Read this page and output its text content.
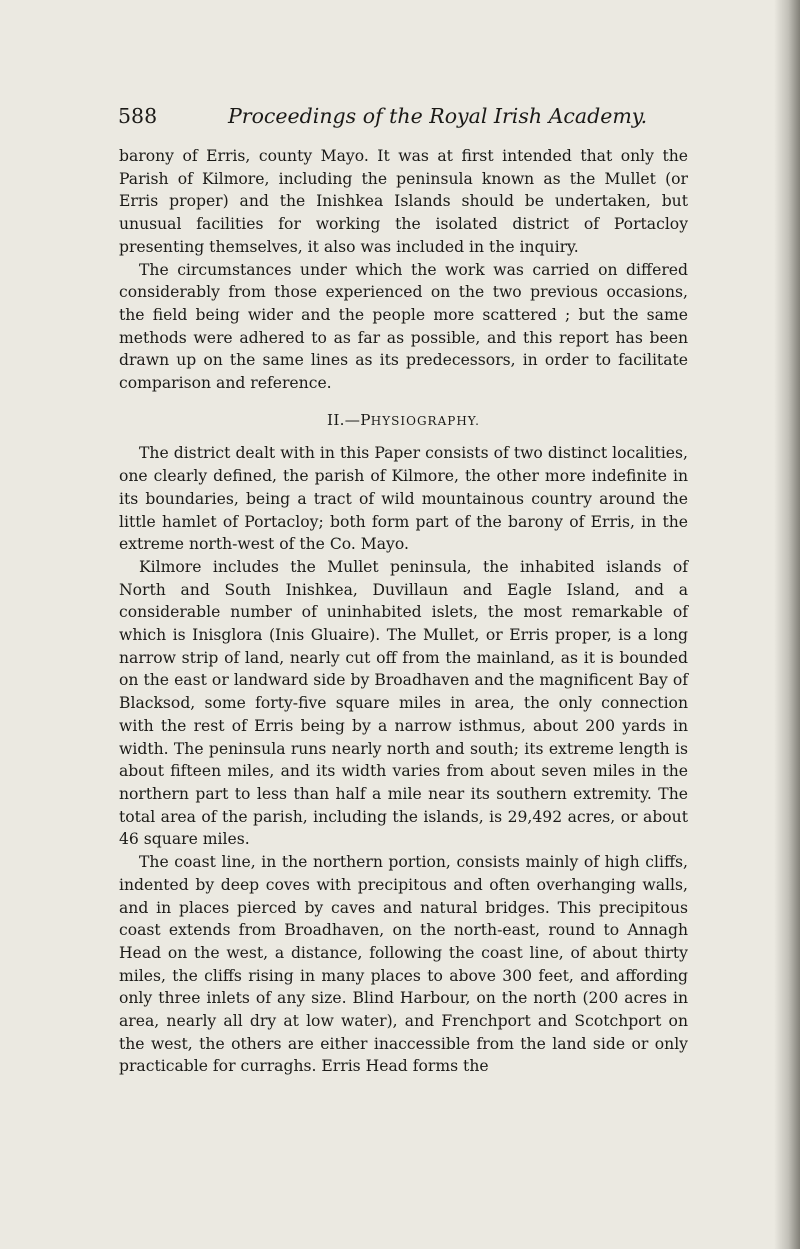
588	Proceedings of the Royal Irish Academy.

barony of Erris, county Mayo. It was at first intended that only the Parish of Kilmore, including the peninsula known as the Mullet (or Erris proper) and the Inishkea Islands should be undertaken, but unusual facilities for working the isolated district of Portacloy presenting themselves, it also was included in the inquiry.

The circumstances under which the work was carried on differed considerably from those experienced on the two previous occasions, the field being wider and the people more scattered ; but the same methods were adhered to as far as possible, and this report has been drawn up on the same lines as its predecessors, in order to facilitate comparison and reference.

II.—PHYSIOGRAPHY.

The district dealt with in this Paper consists of two distinct localities, one clearly defined, the parish of Kilmore, the other more indefinite in its boundaries, being a tract of wild mountainous country around the little hamlet of Portacloy; both form part of the barony of Erris, in the extreme north-west of the Co. Mayo.

Kilmore includes the Mullet peninsula, the inhabited islands of North and South Inishkea, Duvillaun and Eagle Island, and a considerable number of uninhabited islets, the most remarkable of which is Inisglora (Inis Gluaire). The Mullet, or Erris proper, is a long narrow strip of land, nearly cut off from the mainland, as it is bounded on the east or landward side by Broadhaven and the magnificent Bay of Blacksod, some forty-five square miles in area, the only connection with the rest of Erris being by a narrow isthmus, about 200 yards in width. The peninsula runs nearly north and south; its extreme length is about fifteen miles, and its width varies from about seven miles in the northern part to less than half a mile near its southern extremity. The total area of the parish, including the islands, is 29,492 acres, or about 46 square miles.

The coast line, in the northern portion, consists mainly of high cliffs, indented by deep coves with precipitous and often overhanging walls, and in places pierced by caves and natural bridges. This precipitous coast extends from Broadhaven, on the north-east, round to Annagh Head on the west, a distance, following the coast line, of about thirty miles, the cliffs rising in many places to above 300 feet, and affording only three inlets of any size. Blind Harbour, on the north (200 acres in area, nearly all dry at low water), and Frenchport and Scotchport on the west, the others are either inaccessible from the land side or only practicable for curraghs. Erris Head forms the
